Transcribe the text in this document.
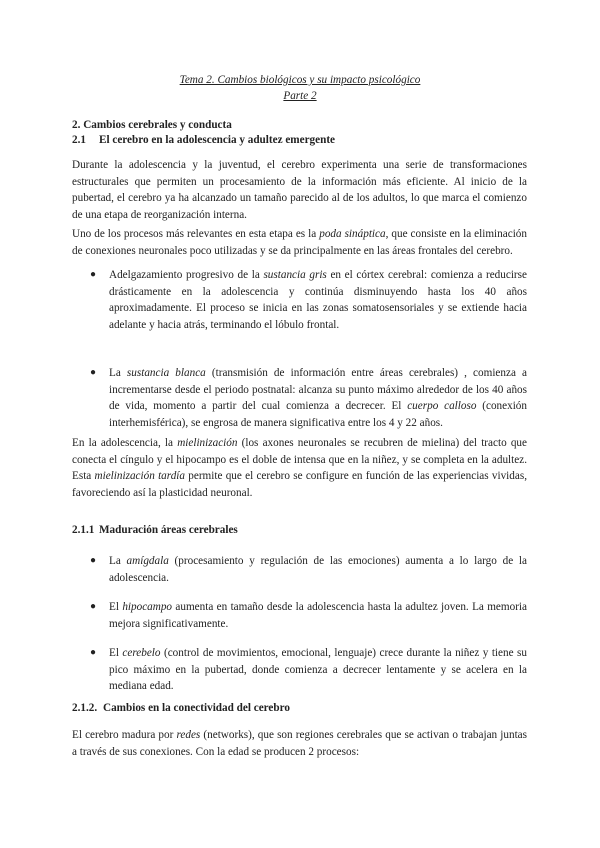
Tema 2. Cambios biológicos y su impacto psicológico
Parte 2
2. Cambios cerebrales y conducta
2.1 El cerebro en la adolescencia y adultez emergente
Durante la adolescencia y la juventud, el cerebro experimenta una serie de transformaciones estructurales que permiten un procesamiento de la información más eficiente. Al inicio de la pubertad, el cerebro ya ha alcanzado un tamaño parecido al de los adultos, lo que marca el comienzo de una etapa de reorganización interna.
Uno de los procesos más relevantes en esta etapa es la poda sináptica, que consiste en la eliminación de conexiones neuronales poco utilizadas y se da principalmente en las áreas frontales del cerebro.
● Adelgazamiento progresivo de la sustancia gris en el córtex cerebral: comienza a reducirse drásticamente en la adolescencia y continúa disminuyendo hasta los 40 años aproximadamente. El proceso se inicia en las zonas somatosensoriales y se extiende hacia adelante y hacia atrás, terminando el lóbulo frontal.
● La sustancia blanca (transmisión de información entre áreas cerebrales) , comienza a incrementarse desde el periodo postnatal: alcanza su punto máximo alrededor de los 40 años de vida, momento a partir del cual comienza a decrecer. El cuerpo calloso (conexión interhemisférica), se engrosa de manera significativa entre los 4 y 22 años.
En la adolescencia, la mielinización (los axones neuronales se recubren de mielina) del tracto que conecta el cíngulo y el hipocampo es el doble de intensa que en la niñez, y se completa en la adultez. Esta mielinización tardía permite que el cerebro se configure en función de las experiencias vividas, favoreciendo así la plasticidad neuronal.
2.1.1 Maduración áreas cerebrales
● La amígdala (procesamiento y regulación de las emociones) aumenta a lo largo de la adolescencia.
● El hipocampo aumenta en tamaño desde la adolescencia hasta la adultez joven. La memoria mejora significativamente.
● El cerebelo (control de movimientos, emocional, lenguaje) crece durante la niñez y tiene su pico máximo en la pubertad, donde comienza a decrecer lentamente y se acelera en la mediana edad.
2.1.2. Cambios en la conectividad del cerebro
El cerebro madura por redes (networks), que son regiones cerebrales que se activan o trabajan juntas a través de sus conexiones. Con la edad se producen 2 procesos:
